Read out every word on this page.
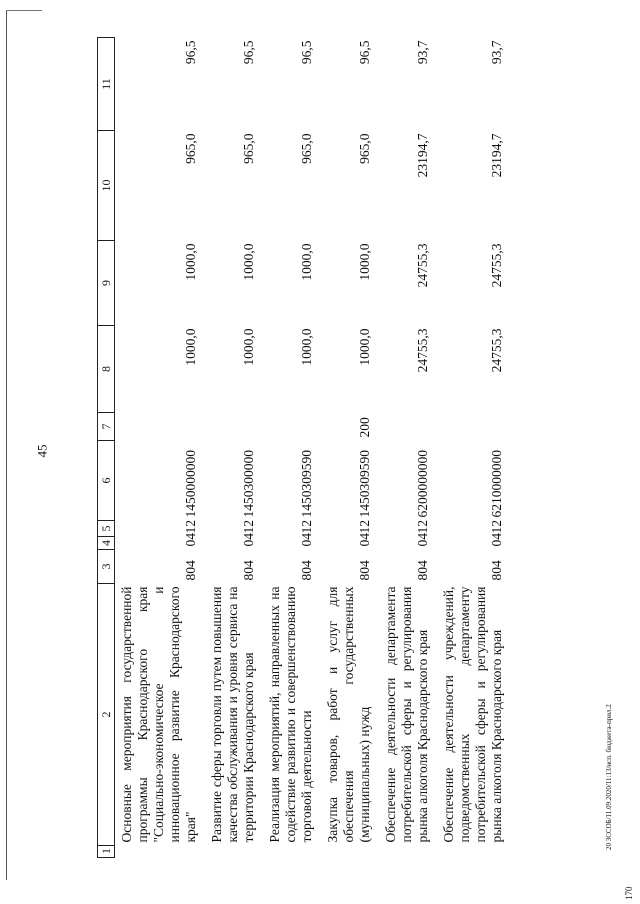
45
1	2	3	4	5	6	7	8	9	10	11
	Основные мероприятия государственной программы Краснодарского края "Социально-экономическое и инновационное развитие Краснодарского края"	804	04	12	1450000000		1000,0	1000,0	965,0	96,5
	Развитие сферы торговли путем повышения качества обслуживания и уровня сервиса на территории Краснодарского края	804	04	12	1450300000		1000,0	1000,0	965,0	96,5
	Реализация мероприятий, направленных на содействие развитию и совершенствованию торговой деятельности	804	04	12	1450309590		1000,0	1000,0	965,0	96,5
	Закупка товаров, работ и услуг для обеспечения государственных (муниципальных) нужд	804	04	12	1450309590	200	1000,0	1000,0	965,0	96,5
	Обеспечение деятельности департамента потребительской сферы и регулирования рынка алкоголя Краснодарского края	804	04	12	6200000000		24755,3	24755,3	23194,7	93,7
	Обеспечение деятельности учреждений, подведомственных департаменту потребительской сферы и регулирования рынка алкоголя Краснодарского края	804	04	12	6210000000		24755,3	24755,3	23194,7	93,7
20 ЗССОБ/11.09.2020/11:13/исп. бюджета-прил.2
170
